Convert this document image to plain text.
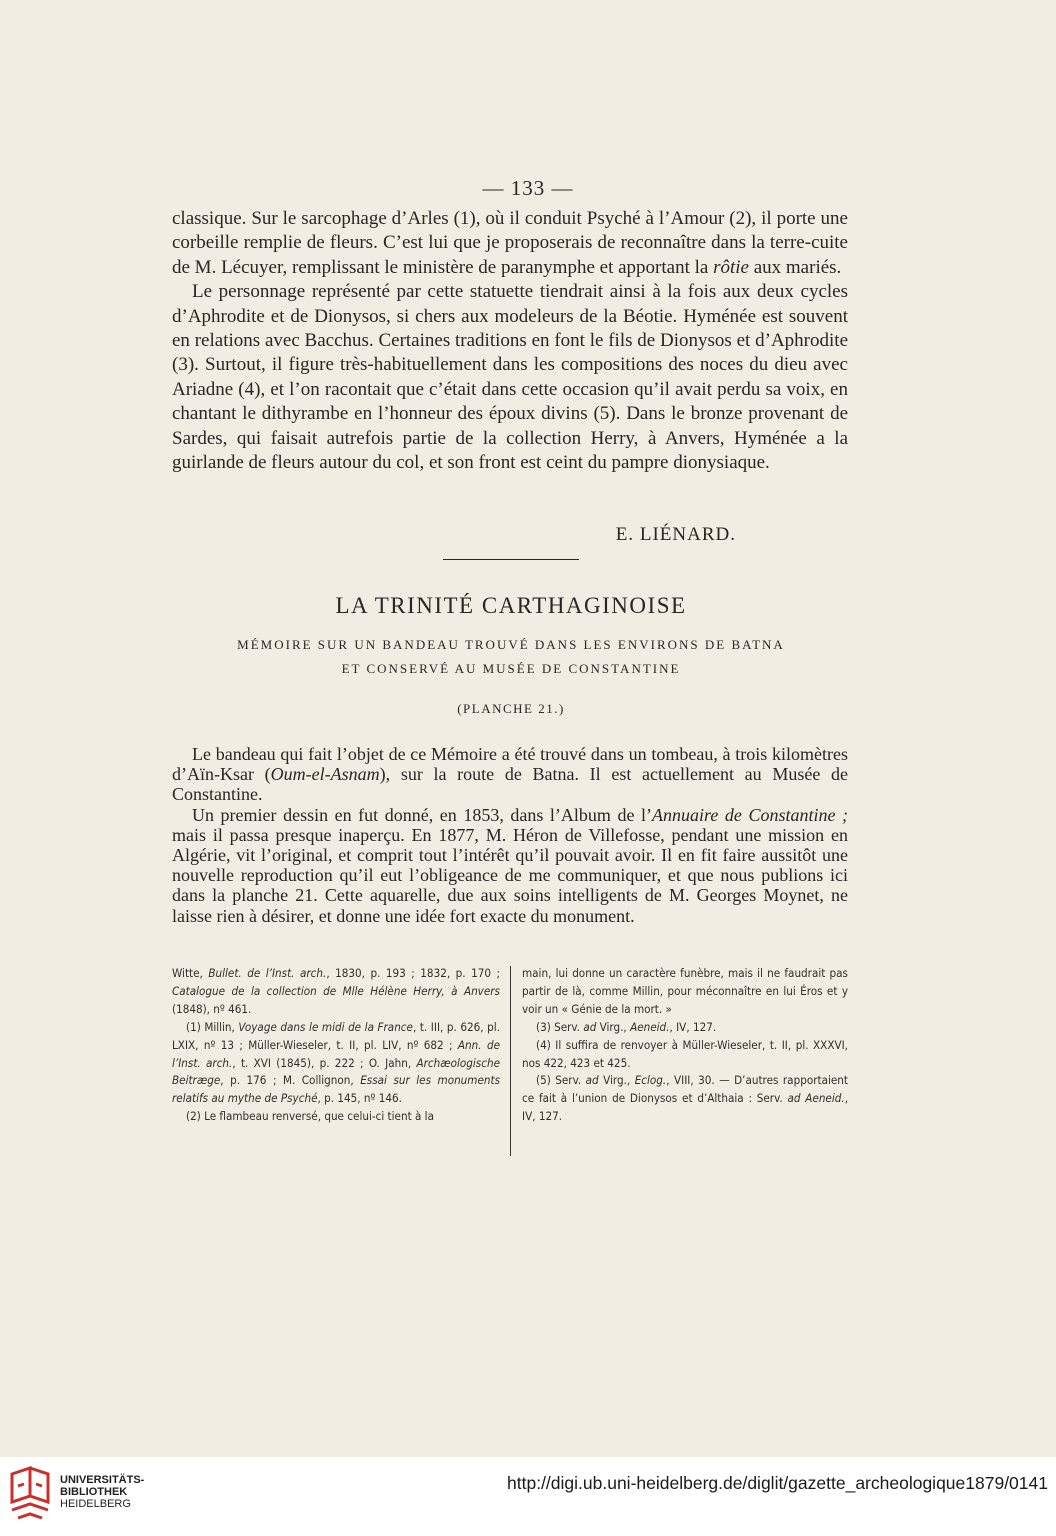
— 133 —

classique. Sur le sarcophage d’Arles (1), où il conduit Psyché à l’Amour (2), il porte une corbeille remplie de fleurs. C’est lui que je proposerais de reconnaître dans la terre-cuite de M. Lécuyer, remplissant le ministère de paranymphe et apportant la rôtie aux mariés.

Le personnage représenté par cette statuette tiendrait ainsi à la fois aux deux cycles d’Aphrodite et de Dionysos, si chers aux modeleurs de la Béotie. Hyménée est souvent en relations avec Bacchus. Certaines traditions en font le fils de Dionysos et d’Aphrodite (3). Surtout, il figure très-habituellement dans les compositions des noces du dieu avec Ariadne (4), et l’on racontait que c’était dans cette occasion qu’il avait perdu sa voix, en chantant le dithyrambe en l’honneur des époux divins (5). Dans le bronze provenant de Sardes, qui faisait autrefois partie de la collection Herry, à Anvers, Hyménée a la guirlande de fleurs autour du col, et son front est ceint du pampre dionysiaque.

E. LIÉNARD.
LA TRINITÉ CARTHAGINOISE
MÉMOIRE SUR UN BANDEAU TROUVÉ DANS LES ENVIRONS DE BATNA
ET CONSERVÉ AU MUSÉE DE CONSTANTINE
(PLANCHE 21.)

Le bandeau qui fait l’objet de ce Mémoire a été trouvé dans un tombeau, à trois kilomètres d’Aïn-Ksar (Oum-el-Asnam), sur la route de Batna. Il est actuellement au Musée de Constantine.

Un premier dessin en fut donné, en 1853, dans l’Album de l’Annuaire de Constantine ; mais il passa presque inaperçu. En 1877, M. Héron de Villefosse, pendant une mission en Algérie, vit l’original, et comprit tout l’intérêt qu’il pouvait avoir. Il en fit faire aussitôt une nouvelle reproduction qu’il eut l’obligeance de me communiquer, et que nous publions ici dans la planche 21. Cette aquarelle, due aux soins intelligents de M. Georges Moynet, ne laisse rien à désirer, et donne une idée fort exacte du monument.

Witte, Bullet. de l’Inst. arch., 1830, p. 193 ; 1832, p. 170 ; Catalogue de la collection de Mlle Hélène Herry, à Anvers (1848), nº 461.

(1) Millin, Voyage dans le midi de la France, t. III, p. 626, pl. LXIX, nº 13 ; Müller-Wieseler, t. II, pl. LIV, nº 682 ; Ann. de l’Inst. arch., t. XVI (1845), p. 222 ; O. Jahn, Archæologische Beitræge, p. 176 ; M. Collignon, Essai sur les monuments relatifs au mythe de Psyché, p. 145, nº 146.

(2) Le flambeau renversé, que celui-ci tient à la

main, lui donne un caractère funèbre, mais il ne faudrait pas partir de là, comme Millin, pour méconnaître en lui Éros et y voir un « Génie de la mort. »

(3) Serv. ad Virg., Aeneid., IV, 127.

(4) Il suffira de renvoyer à Müller-Wieseler, t. II, pl. XXXVI, nos 422, 423 et 425.

(5) Serv. ad Virg., Eclog., VIII, 30. — D’autres rapportaient ce fait à l’union de Dionysos et d’Althaia : Serv. ad Aeneid., IV, 127.

UNIVERSITÄTS-
BIBLIOTHEK
HEIDELBERG
http://digi.ub.uni-heidelberg.de/diglit/gazette_archeologique1879/0141
